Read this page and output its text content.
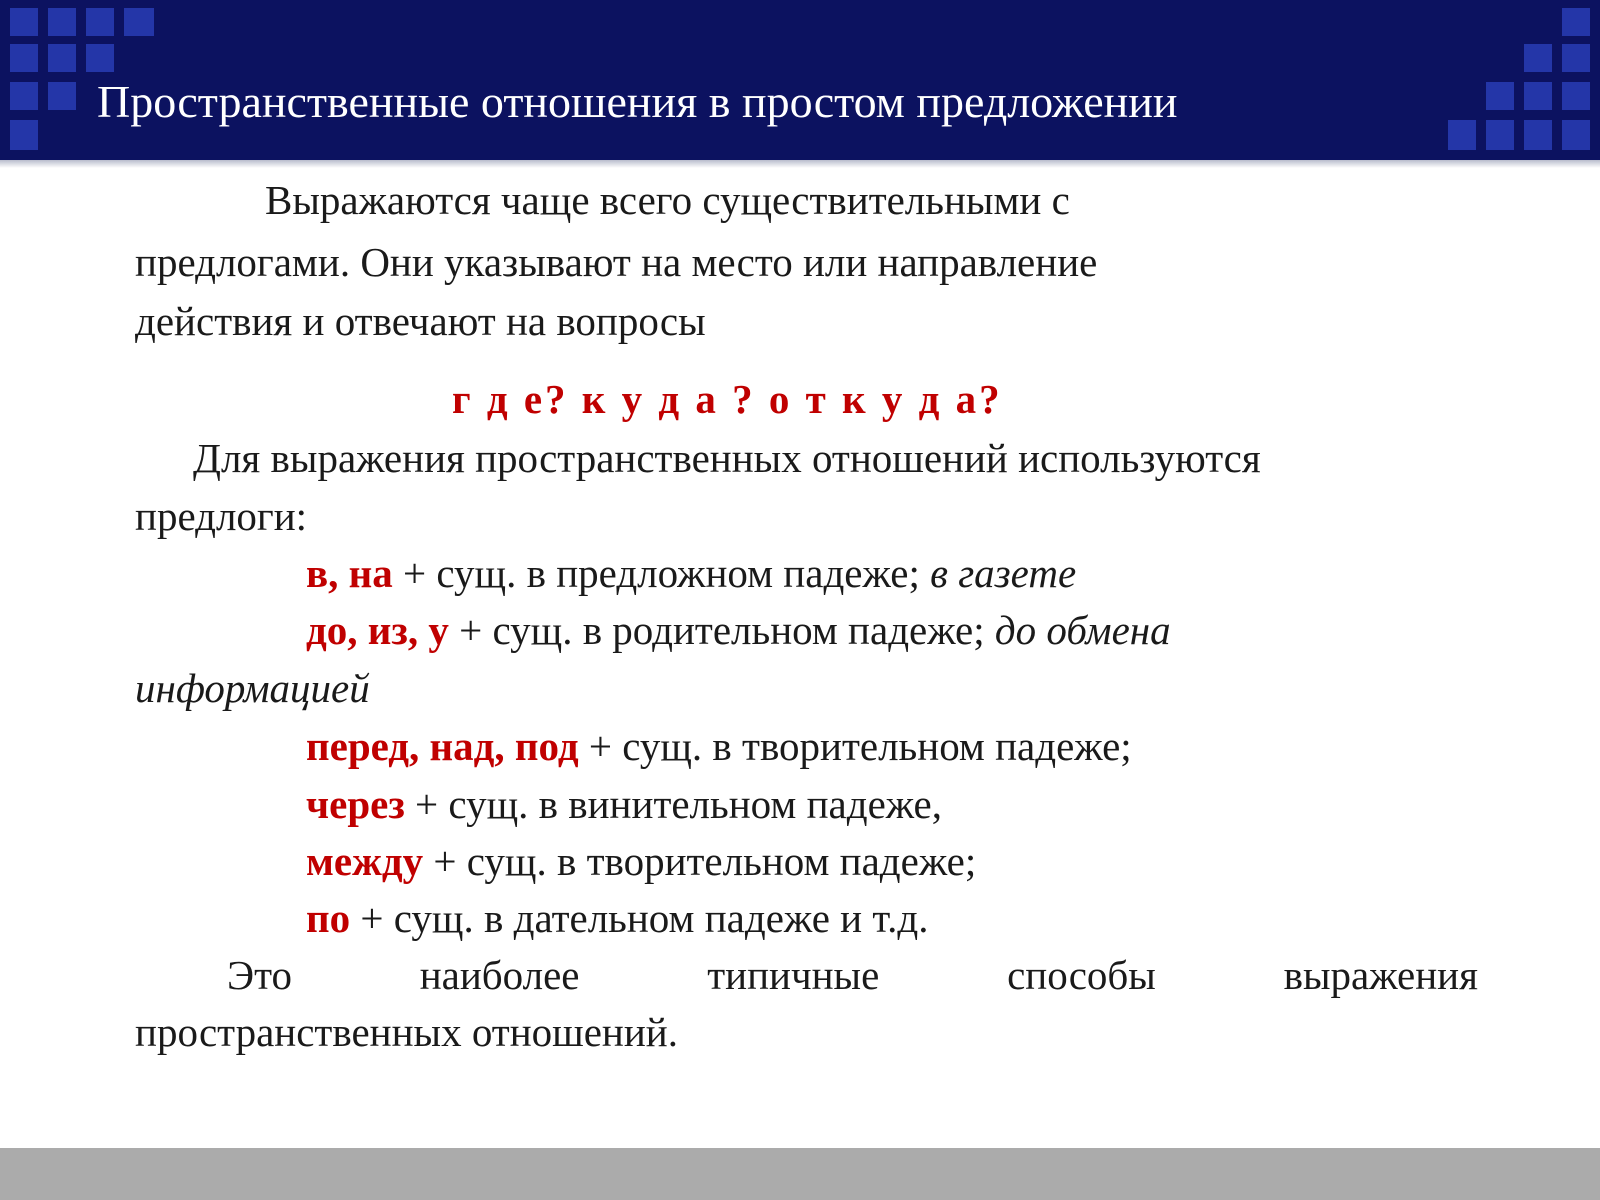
Пространственные отношения в простом предложении
Выражаются чаще всего существительными с
предлогами. Они указывают на место или направление
действия и отвечают на вопросы
г д е? к у д а ? о т к у д а?
Для выражения пространственных отношений используются
предлоги:
в, на + сущ. в предложном падеже; в газете
до, из, у + сущ. в родительном падеже; до обмена
информацией
перед, над, под + сущ. в творительном падеже;
через + сущ. в винительном падеже,
между + сущ. в творительном падеже;
по + сущ. в дательном падеже и т.д.
Это	наиболее	типичные	способы	выражения
пространственных отношений.
